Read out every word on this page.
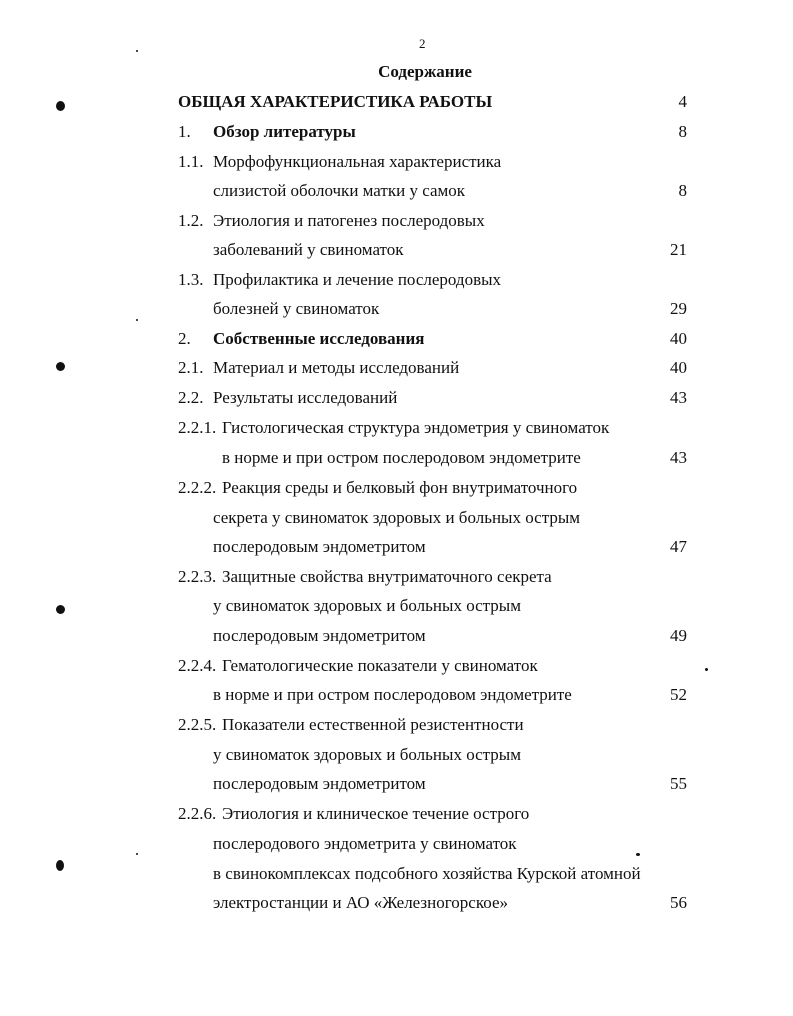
2
Содержание
ОБЩАЯ ХАРАКТЕРИСТИКА РАБОТЫ	4
1. Обзор литературы	8
1.1. Морфофункциональная характеристика
слизистой оболочки матки у самок	8
1.2. Этиология и патогенез послеродовых
заболеваний у свиноматок	21
1.3. Профилактика и лечение послеродовых
болезней у свиноматок	29
2. Собственные исследования	40
2.1. Материал и методы исследований	40
2.2. Результаты исследований	43
2.2.1. Гистологическая структура эндометрия у свиноматок
в норме и при остром послеродовом эндометрите	43
2.2.2. Реакция среды и белковый фон внутриматочного
секрета у свиноматок здоровых и больных острым
послеродовым эндометритом	47
2.2.3. Защитные свойства внутриматочного секрета
у свиноматок здоровых и больных острым
послеродовым эндометритом	49
2.2.4. Гематологические показатели у свиноматок
в норме и при остром послеродовом эндометрите	52
2.2.5. Показатели естественной резистентности
у свиноматок здоровых и больных острым
послеродовым эндометритом	55
2.2.6. Этиология и клиническое течение острого
послеродового эндометрита у свиноматок
в свинокомплексах подсобного хозяйства Курской атомной
электростанции и АО «Железногорское»	56
